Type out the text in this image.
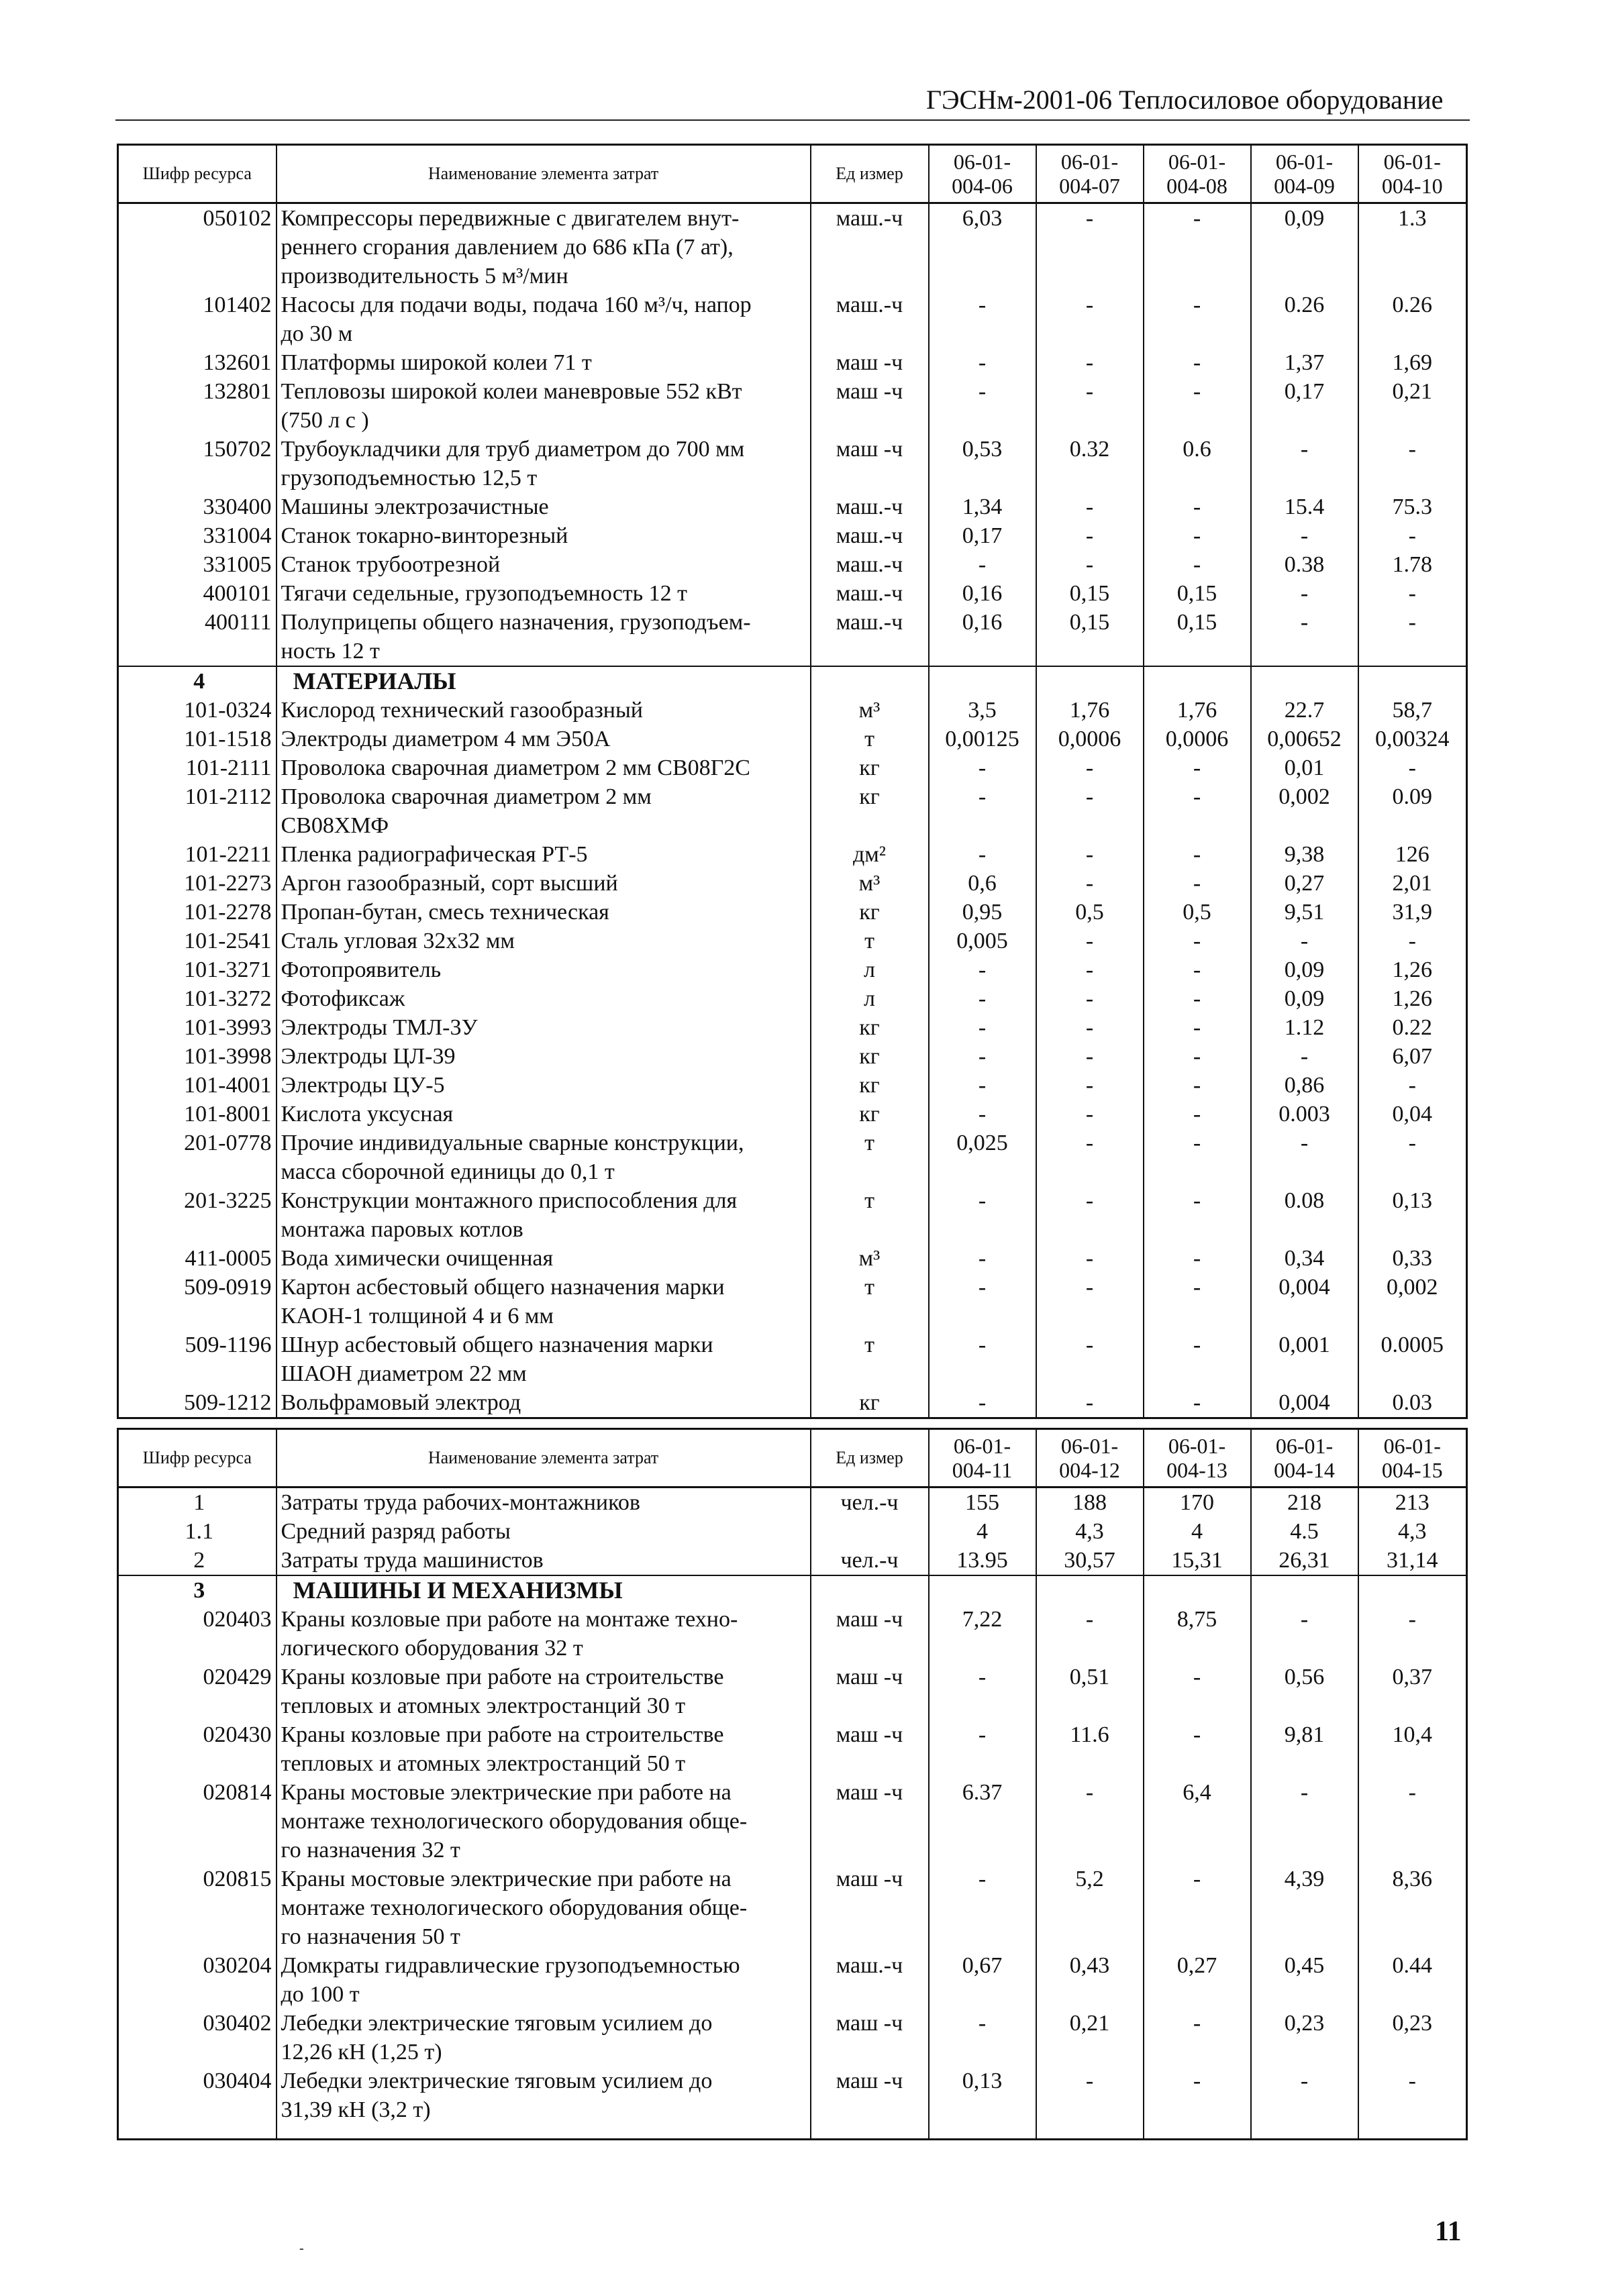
ГЭСНм-2001-06 Теплосиловое оборудование
Шифр ресурса	Наименование элемента затрат	Ед измер	06-01-
004-06	06-01-
004-07	06-01-
004-08	06-01-
004-09	06-01-
004-10
050102	Компрессоры передвижные с двигателем внут-
реннего сгорания давлением до 686 кПа (7 ат),
производительность 5 м³/мин	маш.-ч	6,03	-	-	0,09	1.3
101402	Насосы для подачи воды, подача 160 м³/ч, напор
до 30 м	маш.-ч	-	-	-	0.26	0.26
132601	Платформы широкой колеи 71 т	маш -ч	-	-	-	1,37	1,69
132801	Тепловозы широкой колеи маневровые 552 кВт
(750 л с )	маш -ч	-	-	-	0,17	0,21
150702	Трубоукладчики для труб диаметром до 700 мм
грузоподъемностью 12,5 т	маш -ч	0,53	0.32	0.6	-	-
330400	Машины электрозачистные	маш.-ч	1,34	-	-	15.4	75.3
331004	Станок токарно-винторезный	маш.-ч	0,17	-	-	-	-
331005	Станок трубоотрезной	маш.-ч	-	-	-	0.38	1.78
400101	Тягачи седельные, грузоподъемность 12 т	маш.-ч	0,16	0,15	0,15	-	-
400111	Полуприцепы общего назначения, грузоподъем-
ность 12 т	маш.-ч	0,16	0,15	0,15	-	-
4	МАТЕРИАЛЫ						
101-0324	Кислород технический газообразный	м³	3,5	1,76	1,76	22.7	58,7
101-1518	Электроды диаметром 4 мм Э50А	т	0,00125	0,0006	0,0006	0,00652	0,00324
101-2111	Проволока сварочная диаметром 2 мм СВ08Г2С	кг	-	-	-	0,01	-
101-2112	Проволока сварочная диаметром 2 мм
СВ08ХМФ	кг	-	-	-	0,002	0.09
101-2211	Пленка радиографическая РТ-5	дм²	-	-	-	9,38	126
101-2273	Аргон газообразный, сорт высший	м³	0,6	-	-	0,27	2,01
101-2278	Пропан-бутан, смесь техническая	кг	0,95	0,5	0,5	9,51	31,9
101-2541	Сталь угловая 32х32 мм	т	0,005	-	-	-	-
101-3271	Фотопроявитель	л	-	-	-	0,09	1,26
101-3272	Фотофиксаж	л	-	-	-	0,09	1,26
101-3993	Электроды ТМЛ-3У	кг	-	-	-	1.12	0.22
101-3998	Электроды ЦЛ-39	кг	-	-	-	-	6,07
101-4001	Электроды ЦУ-5	кг	-	-	-	0,86	-
101-8001	Кислота уксусная	кг	-	-	-	0.003	0,04
201-0778	Прочие индивидуальные сварные конструкции,
масса сборочной единицы до 0,1 т	т	0,025	-	-	-	-
201-3225	Конструкции монтажного приспособления для
монтажа паровых котлов	т	-	-	-	0.08	0,13
411-0005	Вода химически очищенная	м³	-	-	-	0,34	0,33
509-0919	Картон асбестовый общего назначения марки
КАОН-1 толщиной 4 и 6 мм	т	-	-	-	0,004	0,002
509-1196	Шнур асбестовый общего назначения марки
ШАОН диаметром 22 мм	т	-	-	-	0,001	0.0005
509-1212	Вольфрамовый электрод	кг	-	-	-	0,004	0.03
Шифр ресурса	Наименование элемента затрат	Ед измер	06-01-
004-11	06-01-
004-12	06-01-
004-13	06-01-
004-14	06-01-
004-15
1	Затраты труда рабочих-монтажников	чел.-ч	155	188	170	218	213
1.1	Средний разряд работы		4	4,3	4	4.5	4,3
2	Затраты труда машинистов	чел.-ч	13.95	30,57	15,31	26,31	31,14
3	МАШИНЫ И МЕХАНИЗМЫ						
020403	Краны козловые при работе на монтаже техно-
логического оборудования 32 т	маш -ч	7,22	-	8,75	-	-
020429	Краны козловые при работе на строительстве
тепловых и атомных электростанций 30 т	маш -ч	-	0,51	-	0,56	0,37
020430	Краны козловые при работе на строительстве
тепловых и атомных электростанций 50 т	маш -ч	-	11.6	-	9,81	10,4
020814	Краны мостовые электрические при работе на
монтаже технологического оборудования обще-
го назначения 32 т	маш -ч	6.37	-	6,4	-	-
020815	Краны мостовые электрические при работе на
монтаже технологического оборудования обще-
го назначения 50 т	маш -ч	-	5,2	-	4,39	8,36
030204	Домкраты гидравлические грузоподъемностью
до 100 т	маш.-ч	0,67	0,43	0,27	0,45	0.44
030402	Лебедки электрические тяговым усилием до
12,26 кН (1,25 т)	маш -ч	-	0,21	-	0,23	0,23
030404	Лебедки электрические тяговым усилием до
31,39 кН (3,2 т)	маш -ч	0,13	-	-	-	-

-
11
